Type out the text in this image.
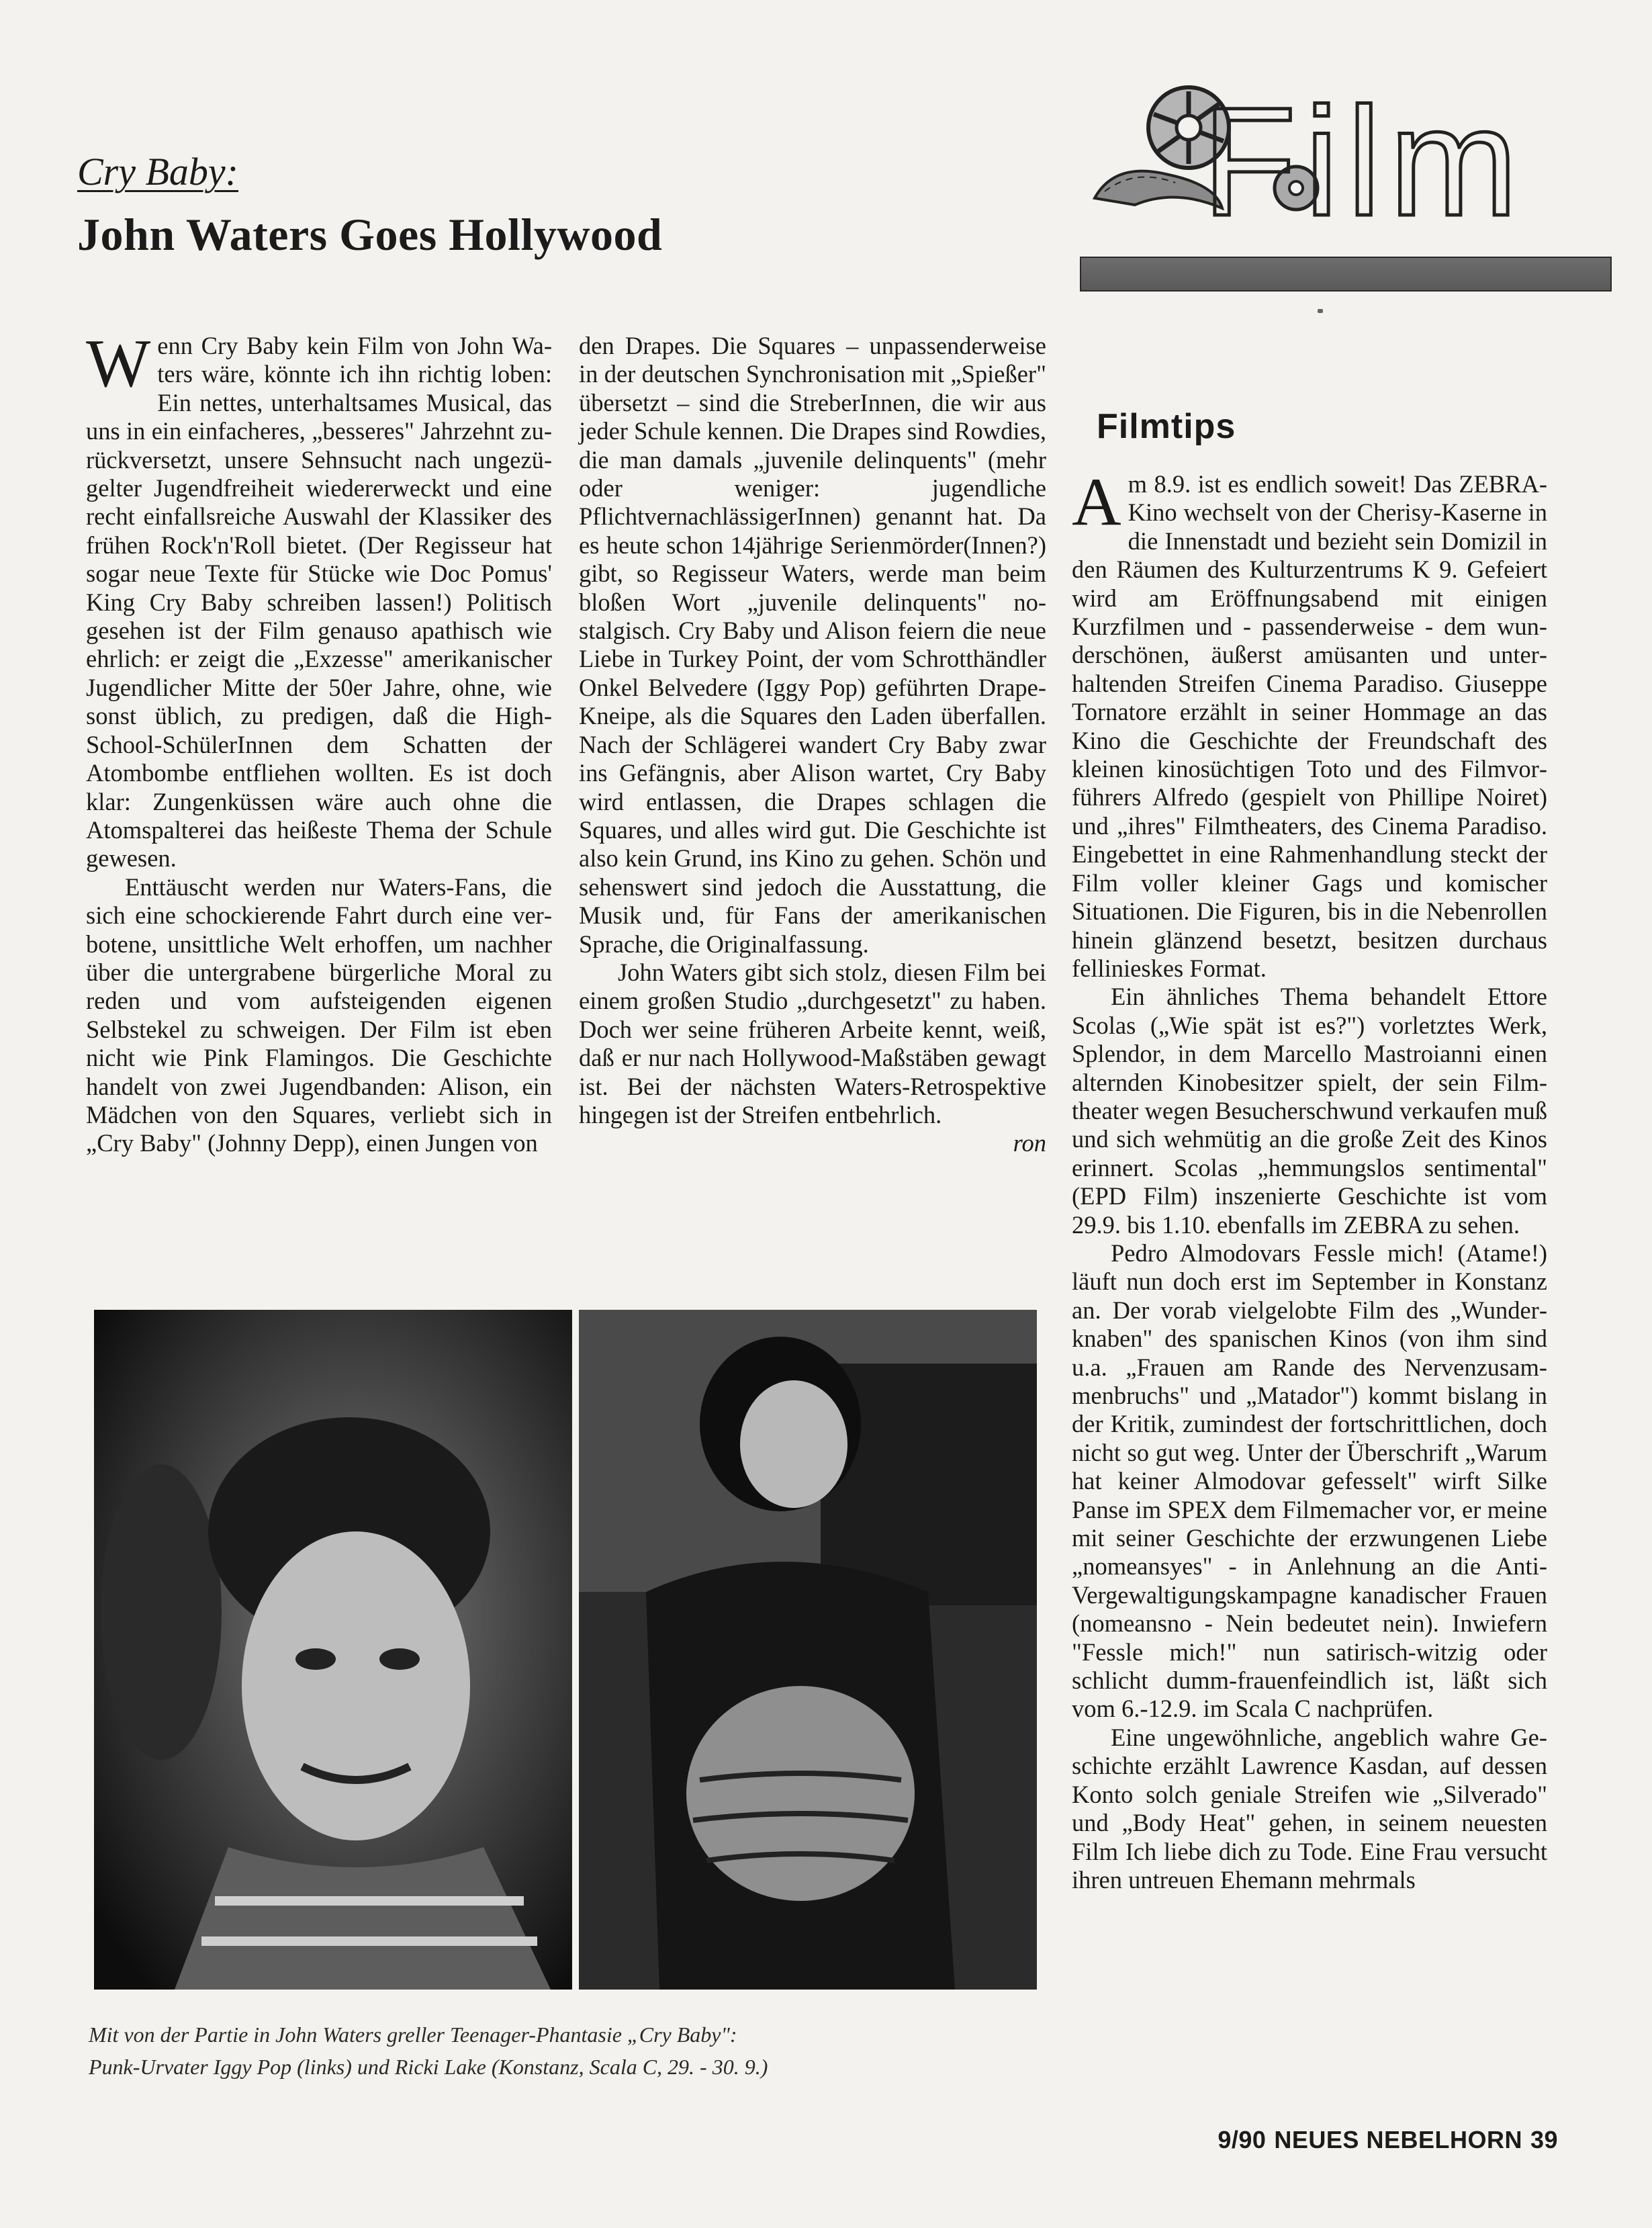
Cry Baby:
John Waters Goes Hollywood	Film

Wenn Cry Baby kein Film von John Waters wäre, könnte ich ihn richtig loben: Ein nettes, unterhaltsames Musical, das uns in ein einfacheres, „besseres" Jahrzehnt zurückversetzt, unsere Sehnsucht nach ungezügelter Jugendfreiheit wiedererweckt und eine recht einfallsreiche Auswahl der Klassiker des frühen Rock'n'Roll bietet. (Der Regisseur hat sogar neue Texte für Stücke wie Doc Pomus' King Cry Baby schreiben lassen!) Politisch gesehen ist der Film genauso apathisch wie ehrlich: er zeigt die „Exzesse" amerikanischer Jugendlicher Mitte der 50er Jahre, ohne, wie sonst üblich, zu predigen, daß die High-School-SchülerInnen dem Schatten der Atombombe entfliehen wollten. Es ist doch klar: Zungenküssen wäre auch ohne die Atomspalterei das heißeste Thema der Schule gewesen.

Enttäuscht werden nur Waters-Fans, die sich eine schockierende Fahrt durch eine verbotene, unsittliche Welt erhoffen, um nachher über die untergrabene bürgerliche Moral zu reden und vom aufsteigenden eigenen Selbstekel zu schweigen. Der Film ist eben nicht wie Pink Flamingos. Die Geschichte handelt von zwei Jugendbanden: Alison, ein Mädchen von den Squares, verliebt sich in „Cry Baby" (Johnny Depp), einen Jungen von

den Drapes. Die Squares – unpassenderweise in der deutschen Synchronisation mit „Spießer" übersetzt – sind die StreberInnen, die wir aus jeder Schule kennen. Die Drapes sind Rowdies, die man damals „juvenile delinquents" (mehr oder weniger: jugendliche PflichtvernachlässigerInnen) genannt hat. Da es heute schon 14jährige Serienmörder(Innen?) gibt, so Regisseur Waters, werde man beim bloßen Wort „juvenile delinquents" nostalgisch. Cry Baby und Alison feiern die neue Liebe in Turkey Point, der vom Schrotthändler Onkel Belvedere (Iggy Pop) geführten Drape-Kneipe, als die Squares den Laden überfallen. Nach der Schlägerei wandert Cry Baby zwar ins Gefängnis, aber Alison wartet, Cry Baby wird entlassen, die Drapes schlagen die Squares, und alles wird gut. Die Geschichte ist also kein Grund, ins Kino zu gehen. Schön und sehenswert sind jedoch die Ausstattung, die Musik und, für Fans der amerikanischen Sprache, die Originalfassung.

John Waters gibt sich stolz, diesen Film bei einem großen Studio „durchgesetzt" zu haben. Doch wer seine früheren Arbeite kennt, weiß, daß er nur nach Hollywood-Maßstäben gewagt ist. Bei der nächsten Waters-Retrospektive hingegen ist der Streifen entbehrlich.

ron

Filmtips

Am 8.9. ist es endlich soweit! Das ZEBRA-Kino wechselt von der Cherisy-Kaserne in die Innenstadt und bezieht sein Domizil in den Räumen des Kulturzentrums K 9. Gefeiert wird am Eröffnungsabend mit einigen Kurzfilmen und - passenderweise - dem wunderschönen, äußerst amüsanten und unterhaltenden Streifen Cinema Paradiso. Giuseppe Tornatore erzählt in seiner Hommage an das Kino die Geschichte der Freundschaft des kleinen kinosüchtigen Toto und des Filmvorführers Alfredo (gespielt von Phillipe Noiret) und „ihres" Filmtheaters, des Cinema Paradiso. Eingebettet in eine Rahmenhandlung steckt der Film voller kleiner Gags und komischer Situationen. Die Figuren, bis in die Nebenrollen hinein glänzend besetzt, besitzen durchaus fellinieskes Format.

Ein ähnliches Thema behandelt Ettore Scolas („Wie spät ist es?") vorletztes Werk, Splendor, in dem Marcello Mastroianni einen alternden Kinobesitzer spielt, der sein Filmtheater wegen Besucherschwund verkaufen muß und sich wehmütig an die große Zeit des Kinos erinnert. Scolas „hemmungslos sentimental" (EPD Film) inszenierte Geschichte ist vom 29.9. bis 1.10. ebenfalls im ZEBRA zu sehen.

Pedro Almodovars Fessle mich! (Atame!) läuft nun doch erst im September in Konstanz an. Der vorab vielgelobte Film des „Wunderknaben" des spanischen Kinos (von ihm sind u.a. „Frauen am Rande des Nervenzusammenbruchs" und „Matador") kommt bislang in der Kritik, zumindest der fortschrittlichen, doch nicht so gut weg. Unter der Überschrift „Warum hat keiner Almodovar gefesselt" wirft Silke Panse im SPEX dem Filmemacher vor, er meine mit seiner Geschichte der erzwungenen Liebe „nomeansyes" - in Anlehnung an die Anti-Vergewaltigungskampagne kanadischer Frauen (nomeansno - Nein bedeutet nein). Inwiefern "Fessle mich!" nun satirisch-witzig oder schlicht dumm-frauenfeindlich ist, läßt sich vom 6.-12.9. im Scala C nachprüfen.

Eine ungewöhnliche, angeblich wahre Geschichte erzählt Lawrence Kasdan, auf dessen Konto solch geniale Streifen wie „Silverado" und „Body Heat" gehen, in seinem neuesten Film Ich liebe dich zu Tode. Eine Frau versucht ihren untreuen Ehemann mehrmals

Mit von der Partie in John Waters greller Teenager-Phantasie „Cry Baby":
Punk-Urvater Iggy Pop (links) und Ricki Lake (Konstanz, Scala C, 29. - 30. 9.)
9/90 NEUES NEBELHORN 39
